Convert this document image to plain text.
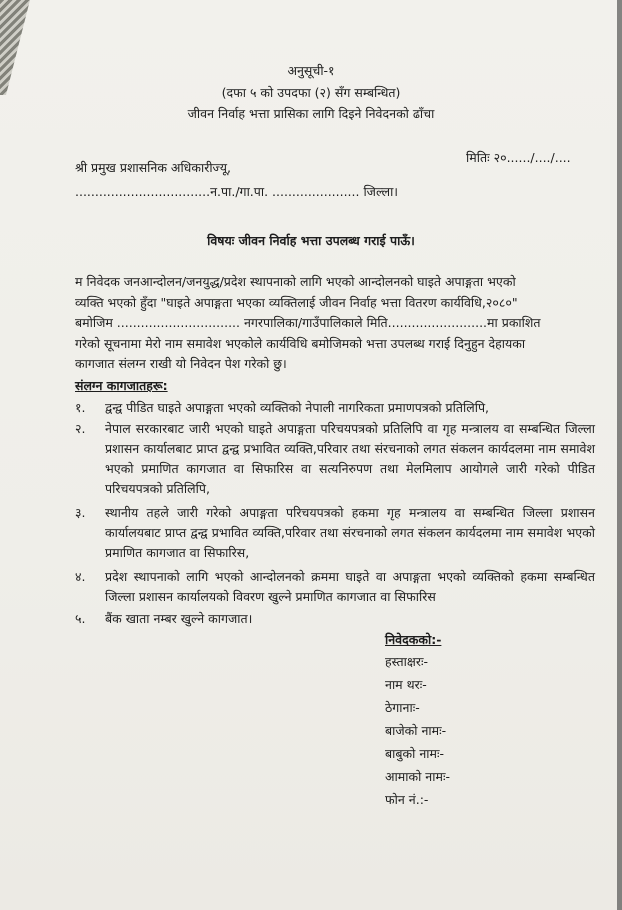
अनुसूची-१
(दफा ५ को उपदफा (२) सँग सम्बन्धित)
जीवन निर्वाह भत्ता प्रासिका लागि दिइने निवेदनको ढाँचा
मितिः २०....../..../....
श्री प्रमुख प्रशासनिक अधिकारीज्यू,
..................................न.पा./गा.पा. ...................... जिल्ला।
विषयः जीवन निर्वाह भत्ता उपलब्ध गराई पाऊँ।
म निवेदक जनआन्दोलन/जनयुद्ध/प्रदेश स्थापनाको लागि भएको आन्दोलनको घाइते अपाङ्गता भएको
व्यक्ति भएको हुँदा "घाइते अपाङ्गता भएका व्यक्तिलाई जीवन निर्वाह भत्ता वितरण कार्यविधि,२०८०"
बमोजिम ............................... नगरपालिका/गाउँपालिकाले मिति.........................मा प्रकाशित
गरेको सूचनामा मेरो नाम समावेश भएकोले कार्यविधि बमोजिमको भत्ता उपलब्ध गराई दिनुहुन देहायका
कागजात संलग्न राखी यो निवेदन पेश गरेको छु।
संलग्न कागजातहरू:
१.	द्वन्द्व पीडित घाइते अपाङ्गता भएको व्यक्तिको नेपाली नागरिकता प्रमाणपत्रको प्रतिलिपि,
२.	नेपाल सरकारबाट जारी भएको घाइते अपाङ्गता परिचयपत्रको प्रतिलिपि वा गृह मन्त्रालय वा सम्बन्धित जिल्ला प्रशासन कार्यालबाट प्राप्त द्वन्द्व प्रभावित व्यक्ति,परिवार तथा संरचनाको लगत संकलन कार्यदलमा नाम समावेश भएको प्रमाणित कागजात वा सिफारिस वा सत्यनिरुपण तथा मेलमिलाप आयोगले जारी गरेको पीडित परिचयपत्रको प्रतिलिपि,
३.	स्थानीय तहले जारी गरेको अपाङ्गता परिचयपत्रको हकमा गृह मन्त्रालय वा सम्बन्धित जिल्ला प्रशासन कार्यालयबाट प्राप्त द्वन्द्व प्रभावित व्यक्ति,परिवार तथा संरचनाको लगत संकलन कार्यदलमा नाम समावेश भएको प्रमाणित कागजात वा सिफारिस,
४.	प्रदेश स्थापनाको लागि भएको आन्दोलनको क्रममा घाइते वा अपाङ्गता भएको व्यक्तिको हकमा सम्बन्धित जिल्ला प्रशासन कार्यालयको विवरण खुल्ने प्रमाणित कागजात वा सिफारिस
५.	बैंक खाता नम्बर खुल्ने कागजात।
निवेदकको:-
हस्ताक्षरः-
नाम थरः-
ठेगानाः-
बाजेको नामः-
बाबुको नामः-
आमाको नामः-
फोन नं.:-
